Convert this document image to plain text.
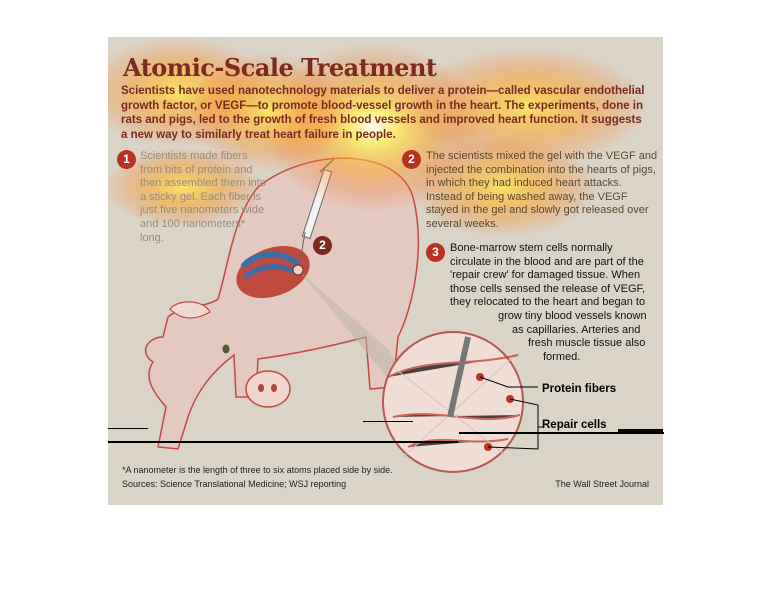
Atomic-Scale Treatment
Scientists have used nanotechnology materials to deliver a protein—called vascular endothelial growth factor, or VEGF—to promote blood-vessel growth in the heart. The experiments, done in rats and pigs, led to the growth of fresh blood vessels and improved heart function. It suggests a new way to similarly treat heart failure in people.
1 Scientists made fibers from bits of protein and then assembled them into a sticky gel. Each fiber is just five nanometers wide and 100 nanometers* long.
2	The scientists mixed the gel with the VEGF and injected the combination into the hearts of pigs, in which they had induced heart attacks. Instead of being washed away, the VEGF stayed in the gel and slowly got released over several weeks.
2	3	Bone-marrow stem cells normally
circulate in the blood and are part of the
'repair crew' for damaged tissue. When
those cells sensed the release of VEGF,
they relocated to the heart and began to
grow tiny blood vessels known
as capillaries. Arteries and
fresh muscle tissue also
formed.
Protein fibers
Repair cells
*A nanometer is the length of three to six atoms placed side by side.
Sources: Science Translational Medicine; WSJ reporting	The Wall Street Journal
